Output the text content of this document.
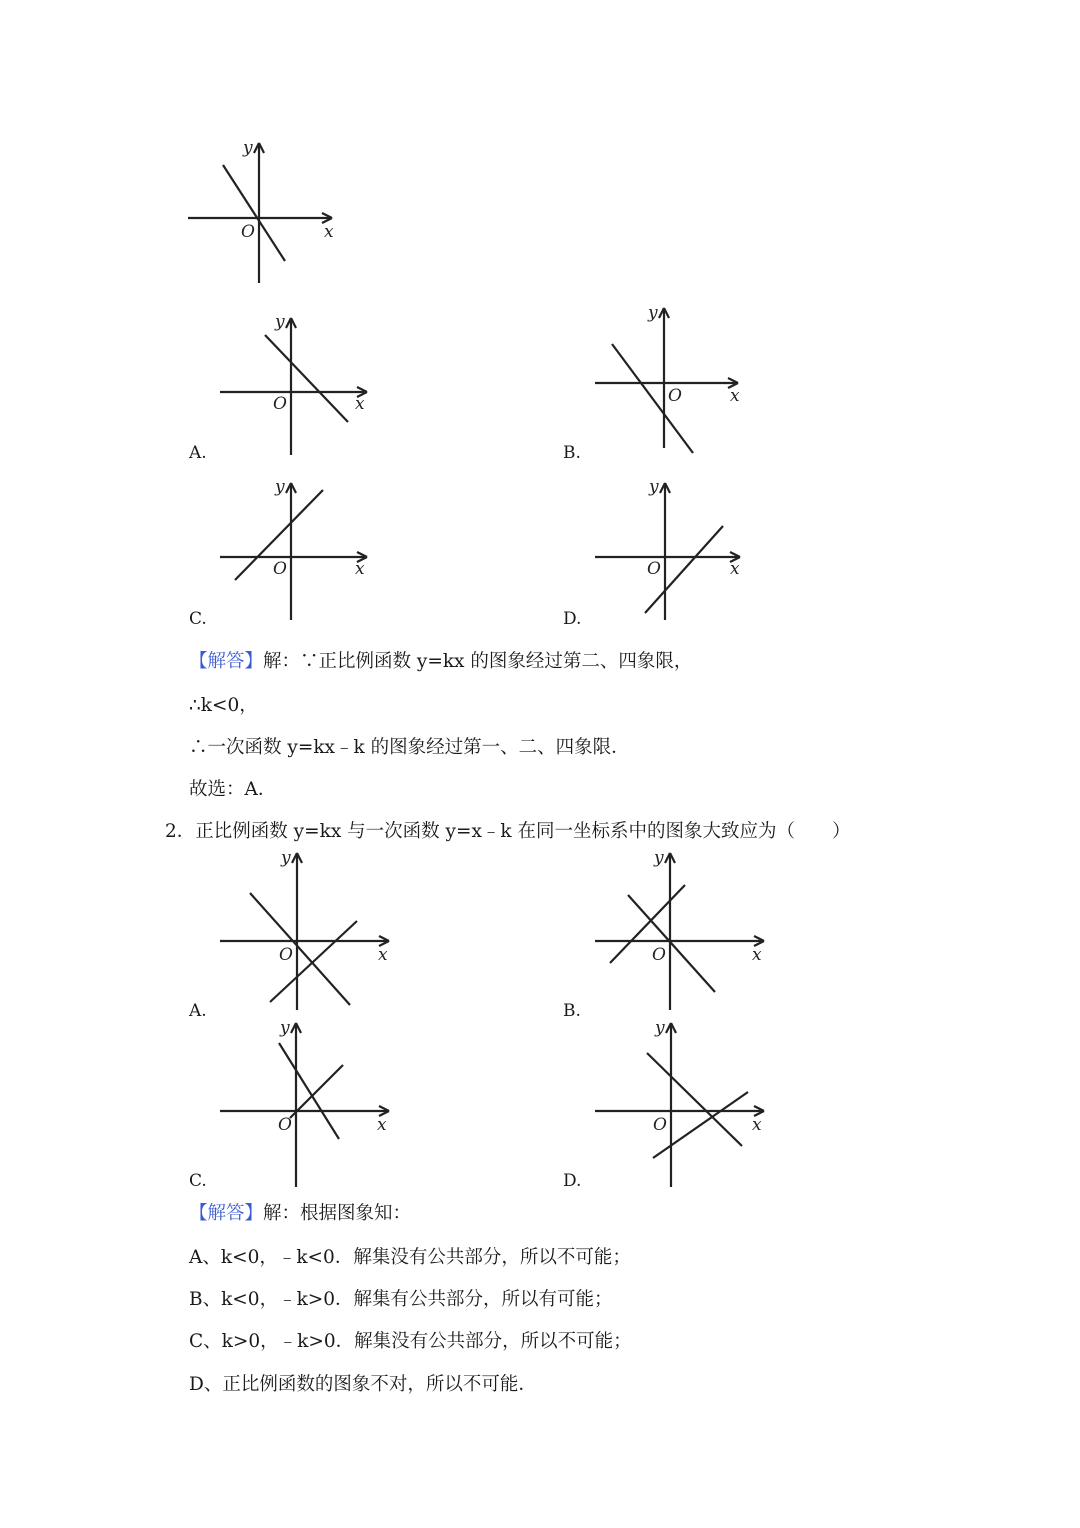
x
y
O
x
y
O
A.
x
y
O
B.
x
y
O
C.
x
y
O
D.
【解答】解：∵正比例函数 y=kx 的图象经过第二、四象限，
∴k<0，
∴一次函数 y=kx﹣k 的图象经过第一、二、四象限．
故选：A．
2．正比例函数 y=kx 与一次函数 y=x﹣k 在同一坐标系中的图象大致应为（　　）
x
y
O
A.
x
y
O
B.
x
y
O
C.
x
y
O
D.
【解答】解：根据图象知：
A、k<0，﹣k<0．解集没有公共部分，所以不可能；
B、k<0，﹣k>0．解集有公共部分，所以有可能；
C、k>0，﹣k>0．解集没有公共部分，所以不可能；
D、正比例函数的图象不对，所以不可能．
